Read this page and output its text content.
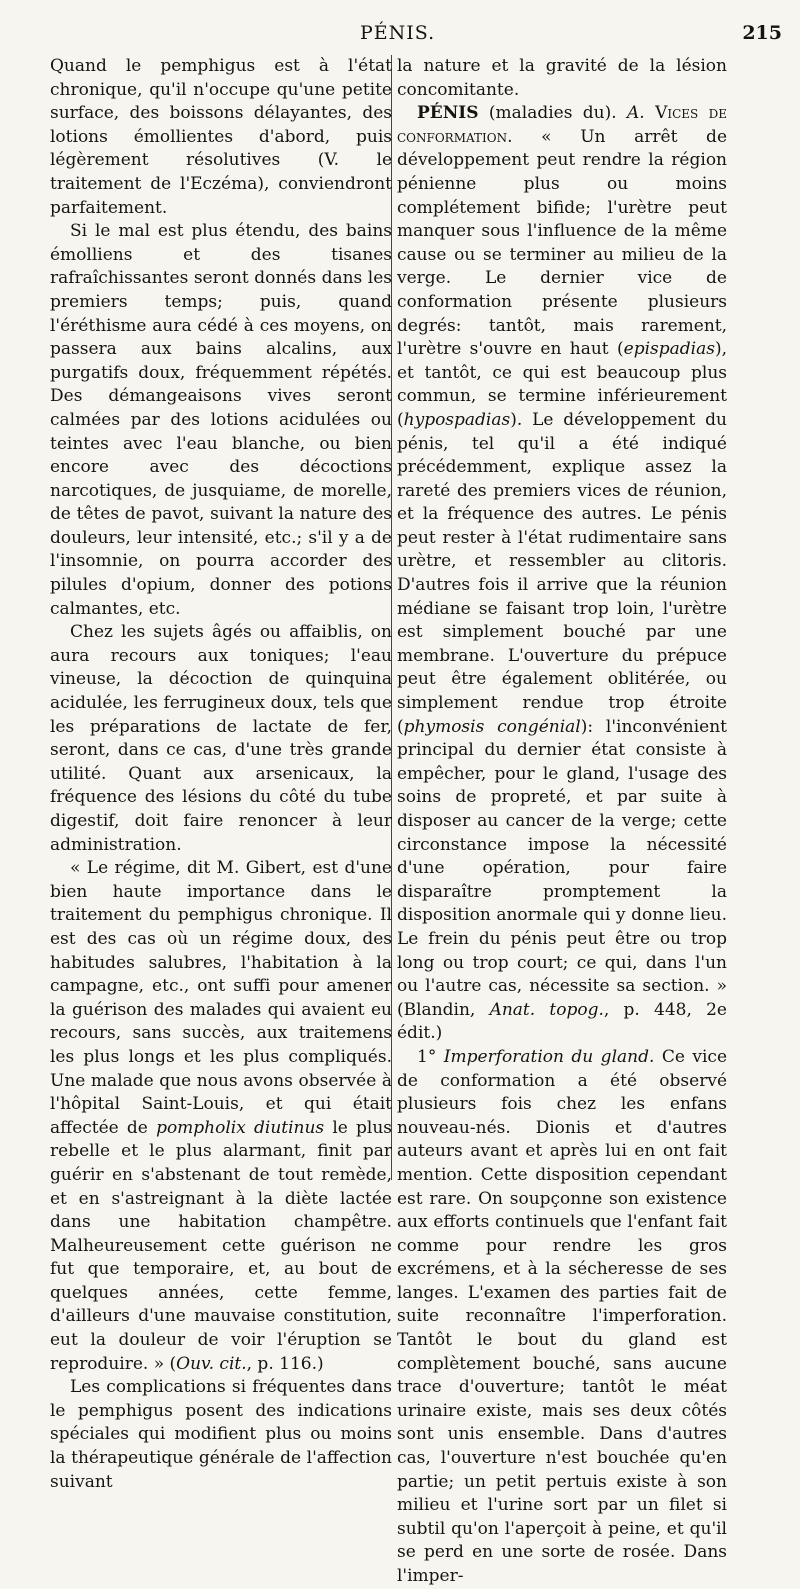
PÉNIS.	215

Quand le pemphigus est à l'état chronique, qu'il n'occupe qu'une petite surface, des boissons délayantes, des lotions émollientes d'abord, puis légèrement résolutives (V. le traitement de l'Eczéma), conviendront parfaitement.

Si le mal est plus étendu, des bains émolliens et des tisanes rafraîchissantes seront donnés dans les premiers temps; puis, quand l'éréthisme aura cédé à ces moyens, on passera aux bains alcalins, aux purgatifs doux, fréquemment répétés. Des démangeaisons vives seront calmées par des lotions acidulées ou teintes avec l'eau blanche, ou bien encore avec des décoctions narcotiques, de jusquiame, de morelle, de têtes de pavot, suivant la nature des douleurs, leur intensité, etc.; s'il y a de l'insomnie, on pourra accorder des pilules d'opium, donner des potions calmantes, etc.

Chez les sujets âgés ou affaiblis, on aura recours aux toniques; l'eau vineuse, la décoction de quinquina acidulée, les ferrugineux doux, tels que les préparations de lactate de fer, seront, dans ce cas, d'une très grande utilité. Quant aux arsenicaux, la fréquence des lésions du côté du tube digestif, doit faire renoncer à leur administration.

« Le régime, dit M. Gibert, est d'une bien haute importance dans le traitement du pemphigus chronique. Il est des cas où un régime doux, des habitudes salubres, l'habitation à la campagne, etc., ont suffi pour amener la guérison des malades qui avaient eu recours, sans succès, aux traitemens les plus longs et les plus compliqués. Une malade que nous avons observée à l'hôpital Saint-Louis, et qui était affectée de pompholix diutinus le plus rebelle et le plus alarmant, finit par guérir en s'abstenant de tout remède, et en s'astreignant à la diète lactée dans une habitation champêtre. Malheureusement cette guérison ne fut que temporaire, et, au bout de quelques années, cette femme, d'ailleurs d'une mauvaise constitution, eut la douleur de voir l'éruption se reproduire. » (Ouv. cit., p. 116.)

Les complications si fréquentes dans le pemphigus posent des indications spéciales qui modifient plus ou moins la thérapeutique générale de l'affection suivant

la nature et la gravité de la lésion concomitante.

PÉNIS (maladies du). A. Vices de conformation. « Un arrêt de développement peut rendre la région pénienne plus ou moins complétement bifide; l'urètre peut manquer sous l'influence de la même cause ou se terminer au milieu de la verge. Le dernier vice de conformation présente plusieurs degrés: tantôt, mais rarement, l'urètre s'ouvre en haut (epispadias), et tantôt, ce qui est beaucoup plus commun, se termine inférieurement (hypospadias). Le développement du pénis, tel qu'il a été indiqué précédemment, explique assez la rareté des premiers vices de réunion, et la fréquence des autres. Le pénis peut rester à l'état rudimentaire sans urètre, et ressembler au clitoris. D'autres fois il arrive que la réunion médiane se faisant trop loin, l'urètre est simplement bouché par une membrane. L'ouverture du prépuce peut être également oblitérée, ou simplement rendue trop étroite (phymosis congénial): l'inconvénient principal du dernier état consiste à empêcher, pour le gland, l'usage des soins de propreté, et par suite à disposer au cancer de la verge; cette circonstance impose la nécessité d'une opération, pour faire disparaître promptement la disposition anormale qui y donne lieu. Le frein du pénis peut être ou trop long ou trop court; ce qui, dans l'un ou l'autre cas, nécessite sa section. » (Blandin, Anat. topog., p. 448, 2e édit.)

1° Imperforation du gland. Ce vice de conformation a été observé plusieurs fois chez les enfans nouveau-nés. Dionis et d'autres auteurs avant et après lui en ont fait mention. Cette disposition cependant est rare. On soupçonne son existence aux efforts continuels que l'enfant fait comme pour rendre les gros excrémens, et à la sécheresse de ses langes. L'examen des parties fait de suite reconnaître l'imperforation. Tantôt le bout du gland est complètement bouché, sans aucune trace d'ouverture; tantôt le méat urinaire existe, mais ses deux côtés sont unis ensemble. Dans d'autres cas, l'ouverture n'est bouchée qu'en partie; un petit pertuis existe à son milieu et l'urine sort par un filet si subtil qu'on l'aperçoit à peine, et qu'il se perd en une sorte de rosée. Dans l'imper-
